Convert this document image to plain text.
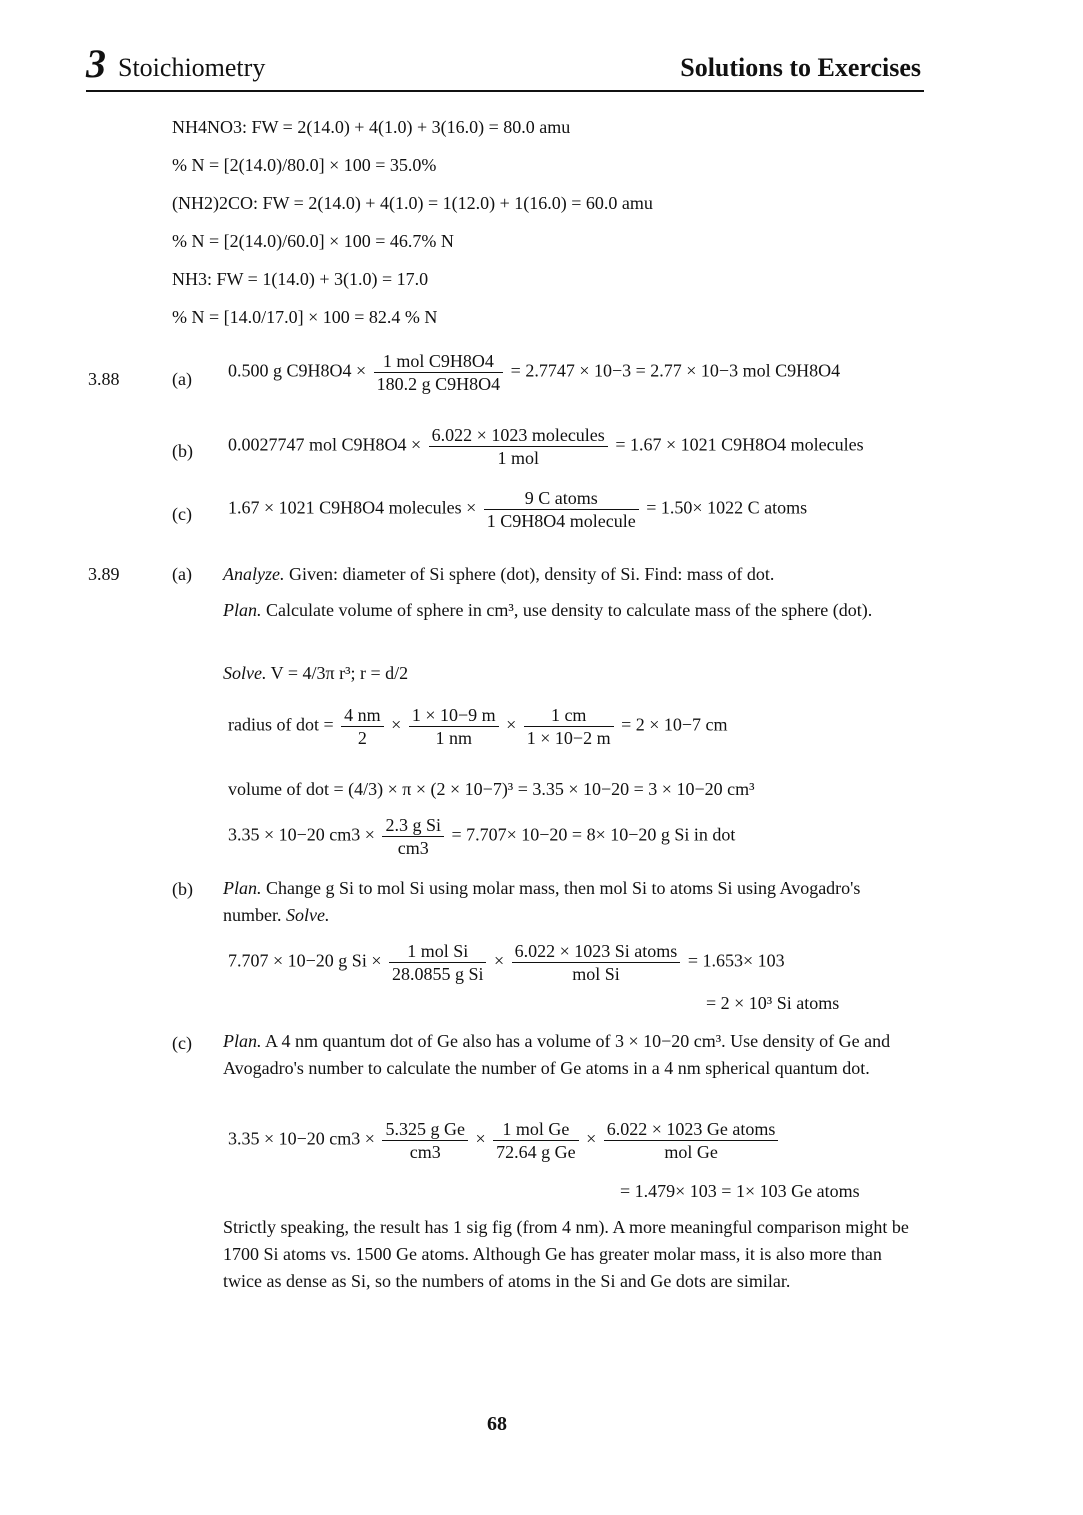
3 Stoichiometry	Solutions to Exercises
NH4NO3: FW = 2(14.0) + 4(1.0) + 3(16.0) = 80.0 amu
% N = [2(14.0)/80.0] × 100 = 35.0%
(NH2)2CO: FW = 2(14.0) + 4(1.0) = 1(12.0) + 1(16.0) = 60.0 amu
% N = [2(14.0)/60.0] × 100 = 46.7% N
NH3: FW = 1(14.0) + 3(1.0) = 17.0
% N = [14.0/17.0] × 100 = 82.4 % N
3.88	(a) 0.500 g $C9H8O4 \times \frac{\text{1 mol C9H8O4}}{\text{180.2 g C9H8O4}} = 2.7747 \times 10-3 = 2.77 \times 10-3$ mol C9H8O4
(b) 0.0027747 mol $C9H8O4 \times \frac{\text{6.022 × 1023 molecules}}{\text{1 mol}} = 1.67 \times 1021$ C9H8O4 molecules
(c) 1.67 × 1021 C9H8O4 molecules × $\frac{\text{9 C atoms}}{\text{1 C9H8O4 molecule}} = 1.50\times 1022$ C atoms
3.89	(a) Analyze. Given: diameter of Si sphere (dot), density of Si. Find: mass of dot.
Plan. Calculate volume of sphere in cm³, use density to calculate mass of the sphere (dot).
Solve. V = 4/3π r³; r = d/2
radius of dot = $\frac{4 nm}{2} \times \frac{1 \times 10-9 m}{1 nm} \times \frac{1 cm}{1 \times 10-2 m} = 2 \times 10-7$ cm
volume of dot = (4/3) × π × (2 × 10−7)³ = 3.35 × 10−20 = 3 × 10−20 cm³
3.35 × 10−20 $cm3 \times \frac{\text{2.3 g Si}}{cm3} = 7.707\times 10-20 = 8\times 10-20$ g Si in dot
(b) Plan. Change g Si to mol Si using molar mass, then mol Si to atoms Si using Avogadro's number. Solve.
7.707 × 10−20 g $Si \times \frac{\text{1 mol Si}}{\text{28.0855 g Si}} \times \frac{\text{6.022 × 1023 Si atoms}}{\text{mol Si}} = 1.653\times 103$
= 2 × 10³ Si atoms
(c) Plan. A 4 nm quantum dot of Ge also has a volume of 3 × 10−20 cm³. Use density of Ge and Avogadro's number to calculate the number of Ge atoms in a 4 nm spherical quantum dot.
3.35 × 10−20 $cm3 \times \frac{\text{5.325 g Ge}}{cm3} \times \frac{\text{1 mol Ge}}{\text{72.64 g Ge}} \times \frac{\text{6.022 × 1023 Ge atoms}}{\text{mol Ge}}$
= 1.479× 103 = 1× 103 Ge atoms
Strictly speaking, the result has 1 sig fig (from 4 nm). A more meaningful comparison might be 1700 Si atoms vs. 1500 Ge atoms. Although Ge has greater molar mass, it is also more than twice as dense as Si, so the numbers of atoms in the Si and Ge dots are similar.
68
